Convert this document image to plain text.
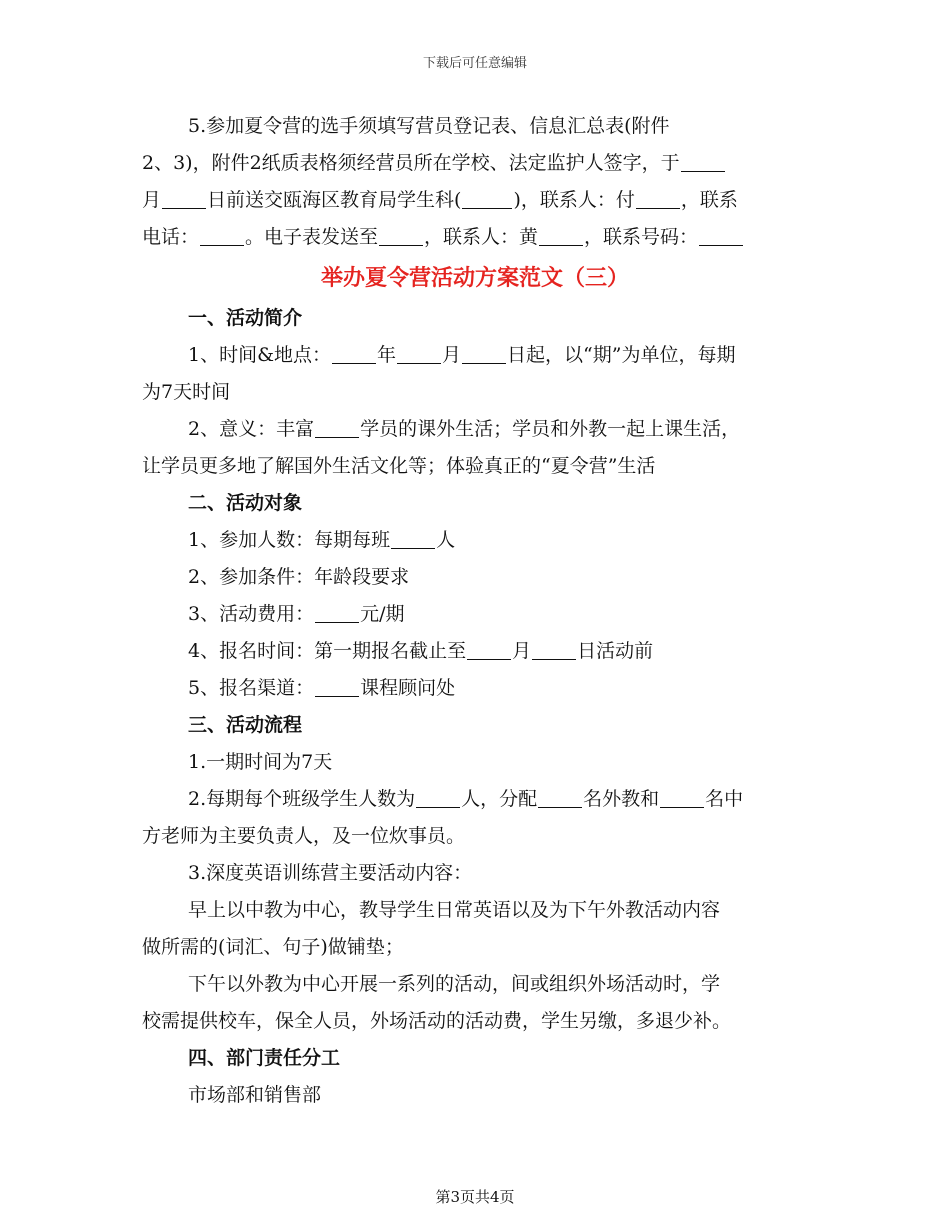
下载后可任意编辑
5.参加夏令营的选手须填写营员登记表、信息汇总表(附件
2、3)，附件2纸质表格须经营员所在学校、法定监护人签字，于
月 日前送交瓯海区教育局学生科(	)，联系人：付 ，联系
电话： 。电子表发送至 ，联系人：黄 ，联系号码：
举办夏令营活动方案范文（三）
一、活动简介
1、时间&地点： 年 月 日起，以“期”为单位，每期
为7天时间
2、意义：丰富 学员的课外生活；学员和外教一起上课生活，
让学员更多地了解国外生活文化等；体验真正的“夏令营”生活
二、活动对象
1、参加人数：每期每班 人
2、参加条件：年龄段要求
3、活动费用： 元/期
4、报名时间：第一期报名截止至 月 日活动前
5、报名渠道： 课程顾问处
三、活动流程
1.一期时间为7天
2.每期每个班级学生人数为 人，分配 名外教和 名中
方老师为主要负责人，及一位炊事员。
3.深度英语训练营主要活动内容：
早上以中教为中心，教导学生日常英语以及为下午外教活动内容
做所需的(词汇、句子)做铺垫；
下午以外教为中心开展一系列的活动，间或组织外场活动时，学
校需提供校车，保全人员，外场活动的活动费，学生另缴，多退少补。
四、部门责任分工
市场部和销售部
第3页共4页
